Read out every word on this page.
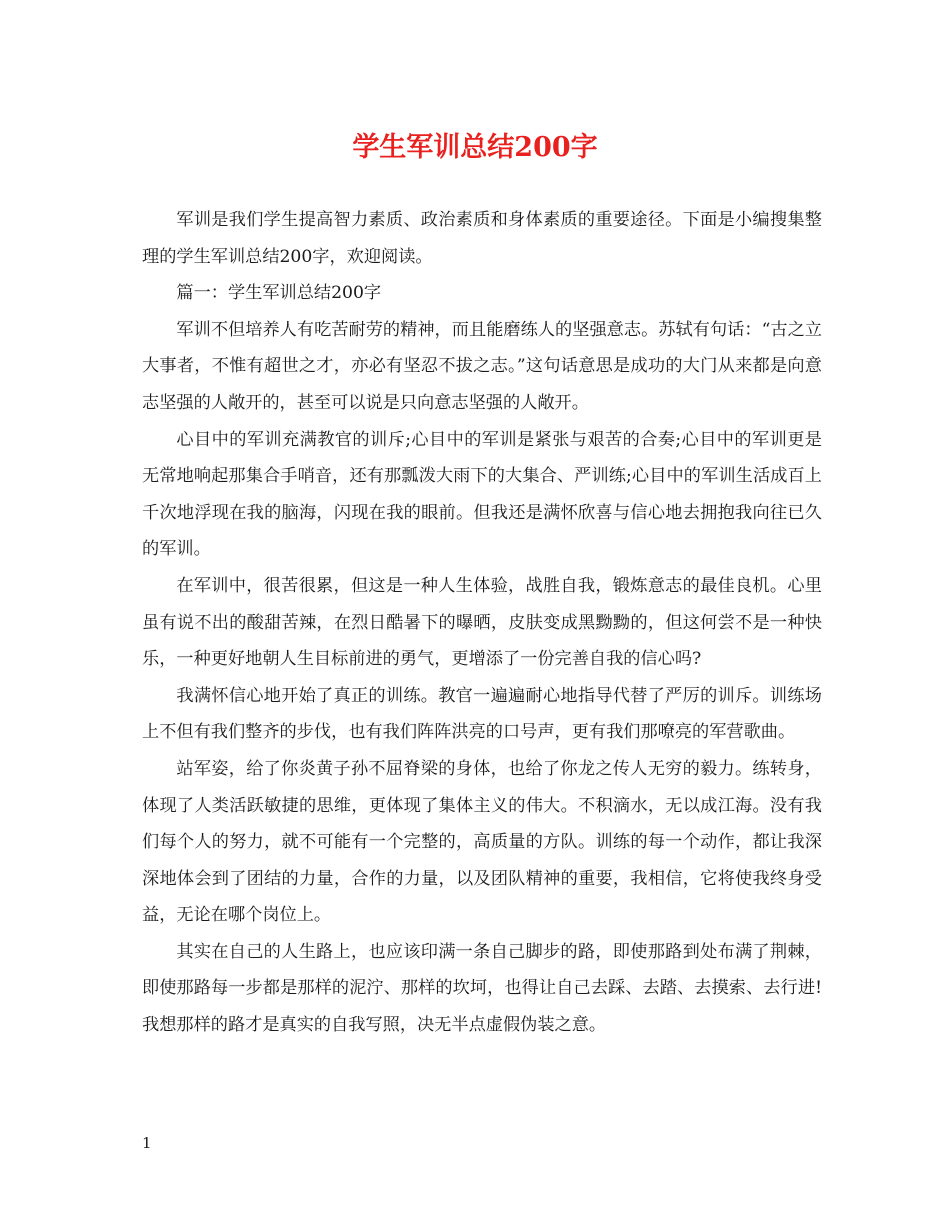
学生军训总结200字

军训是我们学生提高智力素质、政治素质和身体素质的重要途径。下面是小编搜集整理的学生军训总结200字，欢迎阅读。

篇一：学生军训总结200字

军训不但培养人有吃苦耐劳的精神，而且能磨练人的坚强意志。苏轼有句话：“古之立大事者，不惟有超世之才，亦必有坚忍不拔之志。”这句话意思是成功的大门从来都是向意志坚强的人敞开的，甚至可以说是只向意志坚强的人敞开。

心目中的军训充满教官的训斥;心目中的军训是紧张与艰苦的合奏;心目中的军训更是无常地响起那集合手哨音，还有那瓢泼大雨下的大集合、严训练;心目中的军训生活成百上千次地浮现在我的脑海，闪现在我的眼前。但我还是满怀欣喜与信心地去拥抱我向往已久的军训。

在军训中，很苦很累，但这是一种人生体验，战胜自我，锻炼意志的最佳良机。心里虽有说不出的酸甜苦辣，在烈日酷暑下的曝晒，皮肤变成黑黝黝的，但这何尝不是一种快乐，一种更好地朝人生目标前进的勇气，更增添了一份完善自我的信心吗?

我满怀信心地开始了真正的训练。教官一遍遍耐心地指导代替了严厉的训斥。训练场上不但有我们整齐的步伐，也有我们阵阵洪亮的口号声，更有我们那嘹亮的军营歌曲。

站军姿，给了你炎黄子孙不屈脊梁的身体，也给了你龙之传人无穷的毅力。练转身，体现了人类活跃敏捷的思维，更体现了集体主义的伟大。不积滴水，无以成江海。没有我们每个人的努力，就不可能有一个完整的，高质量的方队。训练的每一个动作，都让我深深地体会到了团结的力量，合作的力量，以及团队精神的重要，我相信，它将使我终身受益，无论在哪个岗位上。

其实在自己的人生路上，也应该印满一条自己脚步的路，即使那路到处布满了荆棘，即使那路每一步都是那样的泥泞、那样的坎坷，也得让自己去踩、去踏、去摸索、去行进!我想那样的路才是真实的自我写照，决无半点虚假伪装之意。

1
